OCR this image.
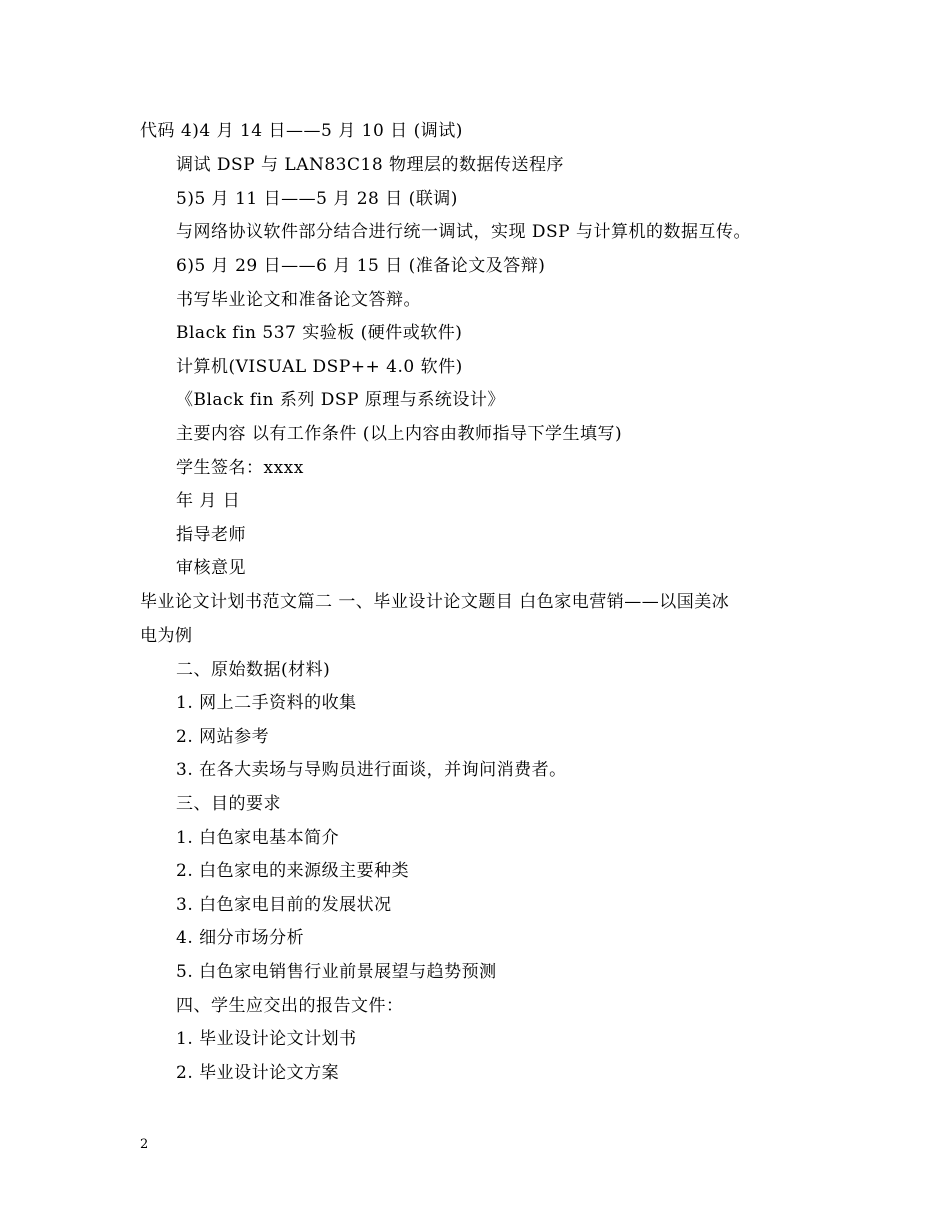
代码 4)4 月 14 日——5 月 10 日 (调试)
调试 DSP 与 LAN83C18 物理层的数据传送程序
5)5 月 11 日——5 月 28 日 (联调)
与网络协议软件部分结合进行统一调试，实现 DSP 与计算机的数据互传。
6)5 月 29 日——6 月 15 日 (准备论文及答辩)
书写毕业论文和准备论文答辩。
Black fin 537 实验板 (硬件或软件)
计算机(VISUAL DSP++ 4.0 软件)
《Black fin 系列 DSP 原理与系统设计》
主要内容 以有工作条件 (以上内容由教师指导下学生填写)
学生签名：xxxx
年 月 日
指导老师
审核意见
毕业论文计划书范文篇二 一、毕业设计论文题目 白色家电营销——以国美冰
电为例
二、原始数据(材料)
1. 网上二手资料的收集
2. 网站参考
3. 在各大卖场与导购员进行面谈，并询问消费者。
三、目的要求
1. 白色家电基本简介
2. 白色家电的来源级主要种类
3. 白色家电目前的发展状况
4. 细分市场分析
5. 白色家电销售行业前景展望与趋势预测
四、学生应交出的报告文件：
1. 毕业设计论文计划书
2. 毕业设计论文方案
2
